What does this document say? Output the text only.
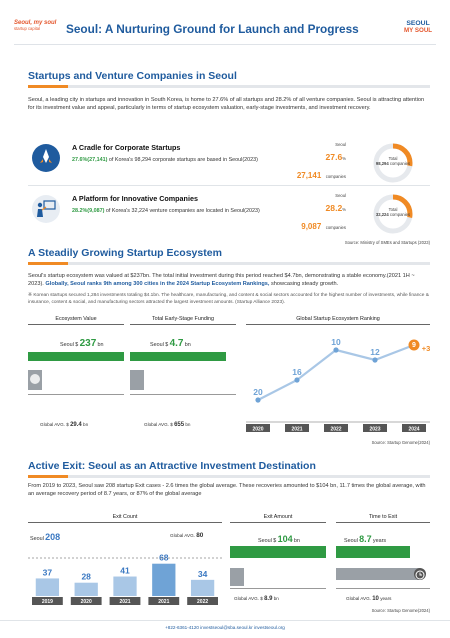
Seoul, my soul
startup capital	Seoul: A Nurturing Ground for Launch and Progress	SEOUL
MY SOUL
Startups and Venture Companies in Seoul
Seoul, a leading city in startups and innovation in South Korea, is home to 27.6% of all startups and 28.2% of all venture companies. Seoul is attracting attention for its investment value and appeal, particularly in terms of startup ecosystem valuation, early-stage investments, and investment recovery.
A Cradle for Corporate Startups
27.6%(27,141) of Korea's 98,294 corporate startups are based in Seoul(2023)
Seoul
27.6%
27,141 companies
Total
98,294 companies
A Platform for Innovative Companies
28.2%(9,087) of Korea's 32,224 venture companies are located in Seoul(2023)
Seoul
28.2%
9,087 companies
Total
32,224 companies
Source: Ministry of SMEs and Startups (2023)
A Steadily Growing Startup Ecosystem
Seoul's startup ecosystem was valued at $237bn. The total initial investment during this period reached $4.7bn, demonstrating a stable economy.(2021 1H ~ 2023). Globally, Seoul ranks 9th among 300 cities in the 2024 Startup Ecosystem Rankings, showcasing steady growth.
※ Korean startups secured 1,284 investments totaling $4.1bn. The healthcare, manufacturing, and content & social sectors accounted for the highest number of investments, while finance & insurance, content & social, and manufacturing sectors attracted the largest investment amounts. (Startup Alliance 2023).
Ecosystem Value
Seoul $ 237 bn
Global AVG. $ 29.4 bn
Total Early-Stage Funding
Seoul $ 4.7 bn
Global AVG. $ 655 bn
Global Startup Ecosystem Ranking
20
16
10
12
9 +3
2020	2021	2022	2023	2024
Source: Startup Genome(2024)
Active Exit: Seoul as an Attractive Investment Destination
From 2019 to 2023, Seoul saw 208 startup Exit cases - 2.6 times the global average. These recoveries amounted to $104 bn, 11.7 times the global average, with an average recovery period of 8.7 years, or 87% of the global average
Exit Count
Seoul 208	Global AVG. 80
37
2019
28
2020
41
2021
68
2021
34
2022
Exit Amount
Seoul $ 104 bn
Global AVG. $ 8.9 bn
Time to Exit
Seoul 8.7 years
Global AVG. 10 years
Source: Startup Genome(2024)
+822-6361-4120 investseoul@sba.seoul.kr investseoul.org
